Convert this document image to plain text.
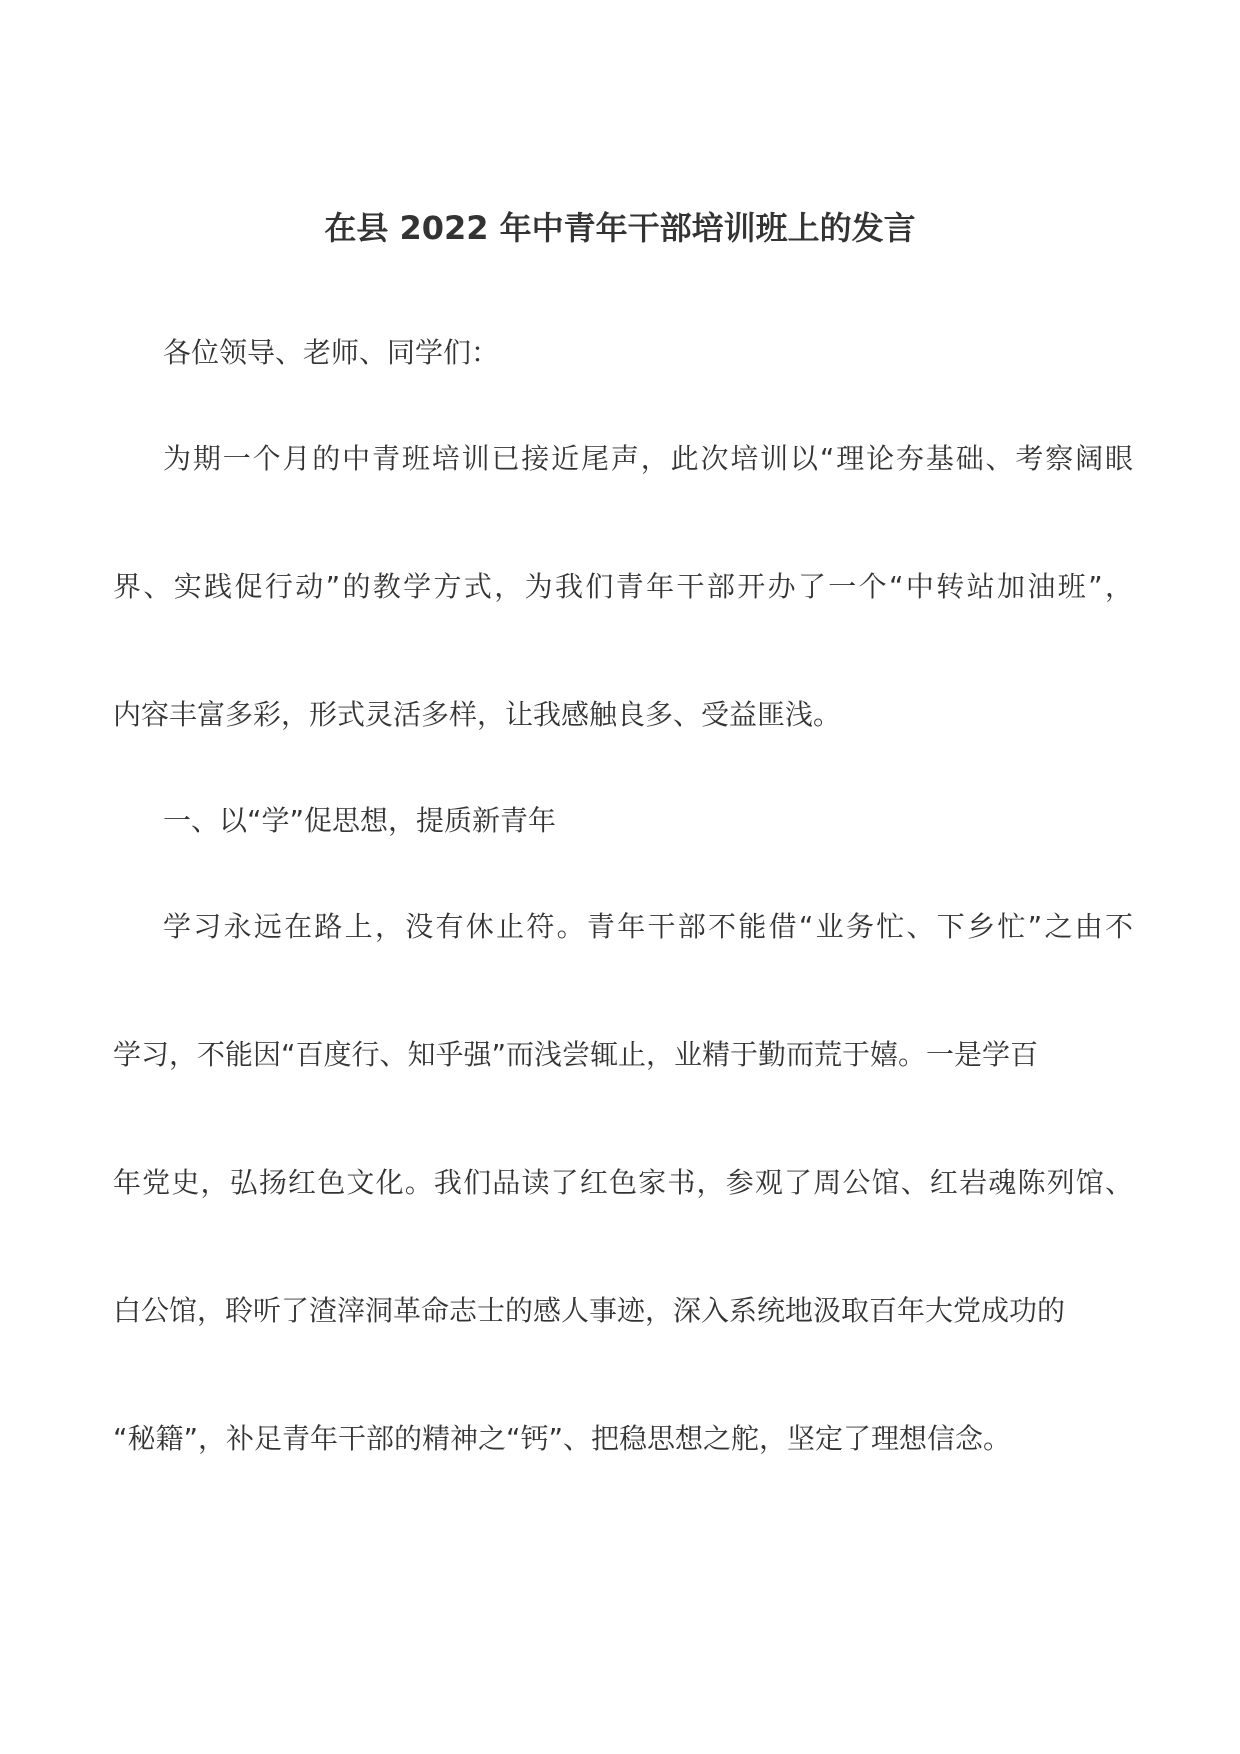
在县 2022 年中青年干部培训班上的发言
各位领导、老师、同学们：
为期一个月的中青班培训已接近尾声，此次培训以“理论夯基础、考察阔眼
界、实践促行动”的教学方式，为我们青年干部开办了一个“中转站加油班”，
内容丰富多彩，形式灵活多样，让我感触良多、受益匪浅。
一、以“学”促思想，提质新青年
学习永远在路上，没有休止符。青年干部不能借“业务忙、下乡忙”之由不
学习，不能因“百度行、知乎强”而浅尝辄止，业精于勤而荒于嬉。一是学百
年党史，弘扬红色文化。我们品读了红色家书，参观了周公馆、红岩魂陈列馆、
白公馆，聆听了渣滓洞革命志士的感人事迹，深入系统地汲取百年大党成功的
“秘籍”，补足青年干部的精神之“钙”、把稳思想之舵，坚定了理想信念。
